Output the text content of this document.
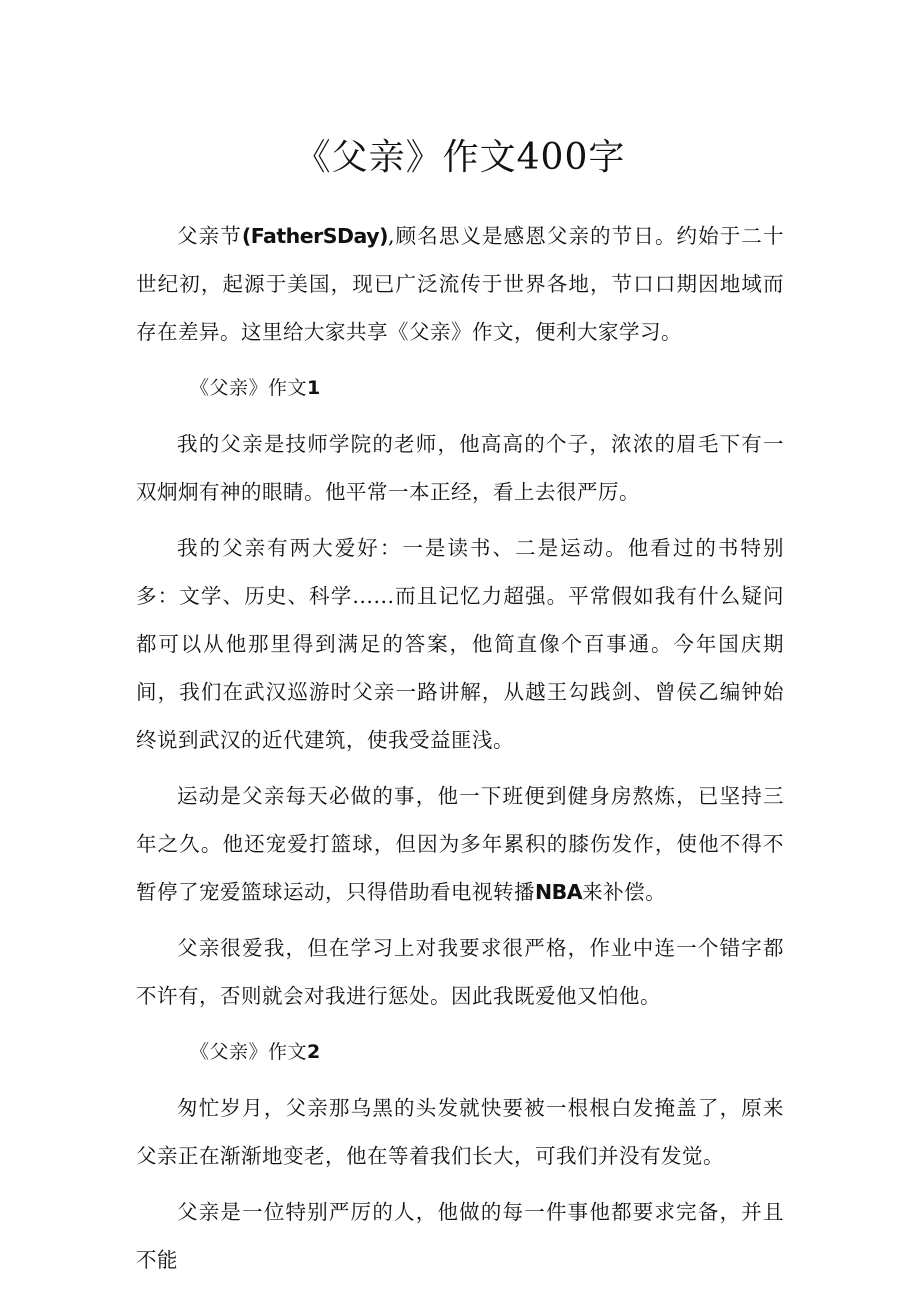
《父亲》作文400字

父亲节(FatherSDay),顾名思义是感恩父亲的节日。约始于二十世纪初，起源于美国，现已广泛流传于世界各地，节口口期因地域而存在差异。这里给大家共享《父亲》作文，便利大家学习。

《父亲》作文1

我的父亲是技师学院的老师，他高高的个子，浓浓的眉毛下有一双炯炯有神的眼睛。他平常一本正经，看上去很严厉。

我的父亲有两大爱好：一是读书、二是运动。他看过的书特别多：文学、历史、科学......而且记忆力超强。平常假如我有什么疑问都可以从他那里得到满足的答案，他简直像个百事通。今年国庆期间，我们在武汉巡游时父亲一路讲解，从越王勾践剑、曾侯乙编钟始终说到武汉的近代建筑，使我受益匪浅。

运动是父亲每天必做的事，他一下班便到健身房熬炼，已坚持三年之久。他还宠爱打篮球，但因为多年累积的膝伤发作，使他不得不暂停了宠爱篮球运动，只得借助看电视转播NBA来补偿。

父亲很爱我，但在学习上对我要求很严格，作业中连一个错字都不许有，否则就会对我进行惩处。因此我既爱他又怕他。

《父亲》作文2

匆忙岁月，父亲那乌黑的头发就快要被一根根白发掩盖了，原来父亲正在渐渐地变老，他在等着我们长大，可我们并没有发觉。

父亲是一位特别严厉的人，他做的每一件事他都要求完备，并且不能
